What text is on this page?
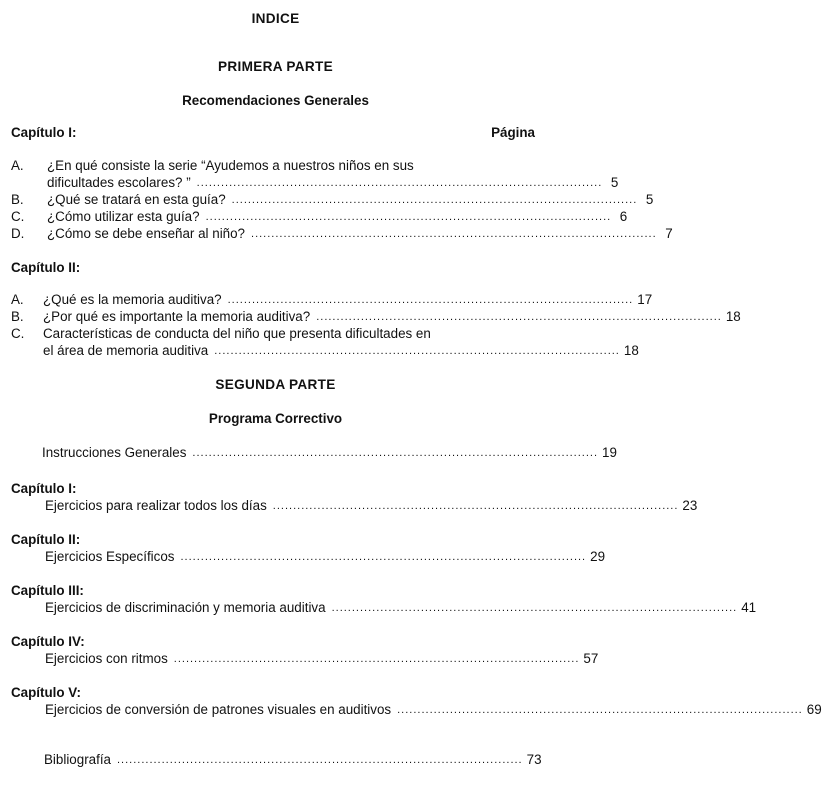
INDICE
PRIMERA PARTE
Recomendaciones Generales
Capítulo I:	Página
A. ¿En qué consiste la serie “Ayudemos a nuestros niños en sus
dificultades escolares? ” .................................................................................................... 5
B. ¿Qué se tratará en esta guía? .................................................................................................... 5
C. ¿Cómo utilizar esta guía? .................................................................................................... 6
D. ¿Cómo se debe enseñar al niño? .................................................................................................... 7
Capítulo II:
A. ¿Qué es la memoria auditiva? .................................................................................................... 17
B. ¿Por qué es importante la memoria auditiva? .................................................................................................... 18
C. Características de conducta del niño que presenta dificultades en
el área de memoria auditiva .................................................................................................... 18
SEGUNDA PARTE
Programa Correctivo
Instrucciones Generales .................................................................................................... 19
Capítulo I:
Ejercicios para realizar todos los días .................................................................................................... 23
Capítulo II:
Ejercicios Específicos .................................................................................................... 29
Capítulo III:
Ejercicios de discriminación y memoria auditiva .................................................................................................... 41
Capítulo IV:
Ejercicios con ritmos .................................................................................................... 57
Capítulo V:
Ejercicios de conversión de patrones visuales en auditivos .................................................................................................... 69
Bibliografía .................................................................................................... 73
